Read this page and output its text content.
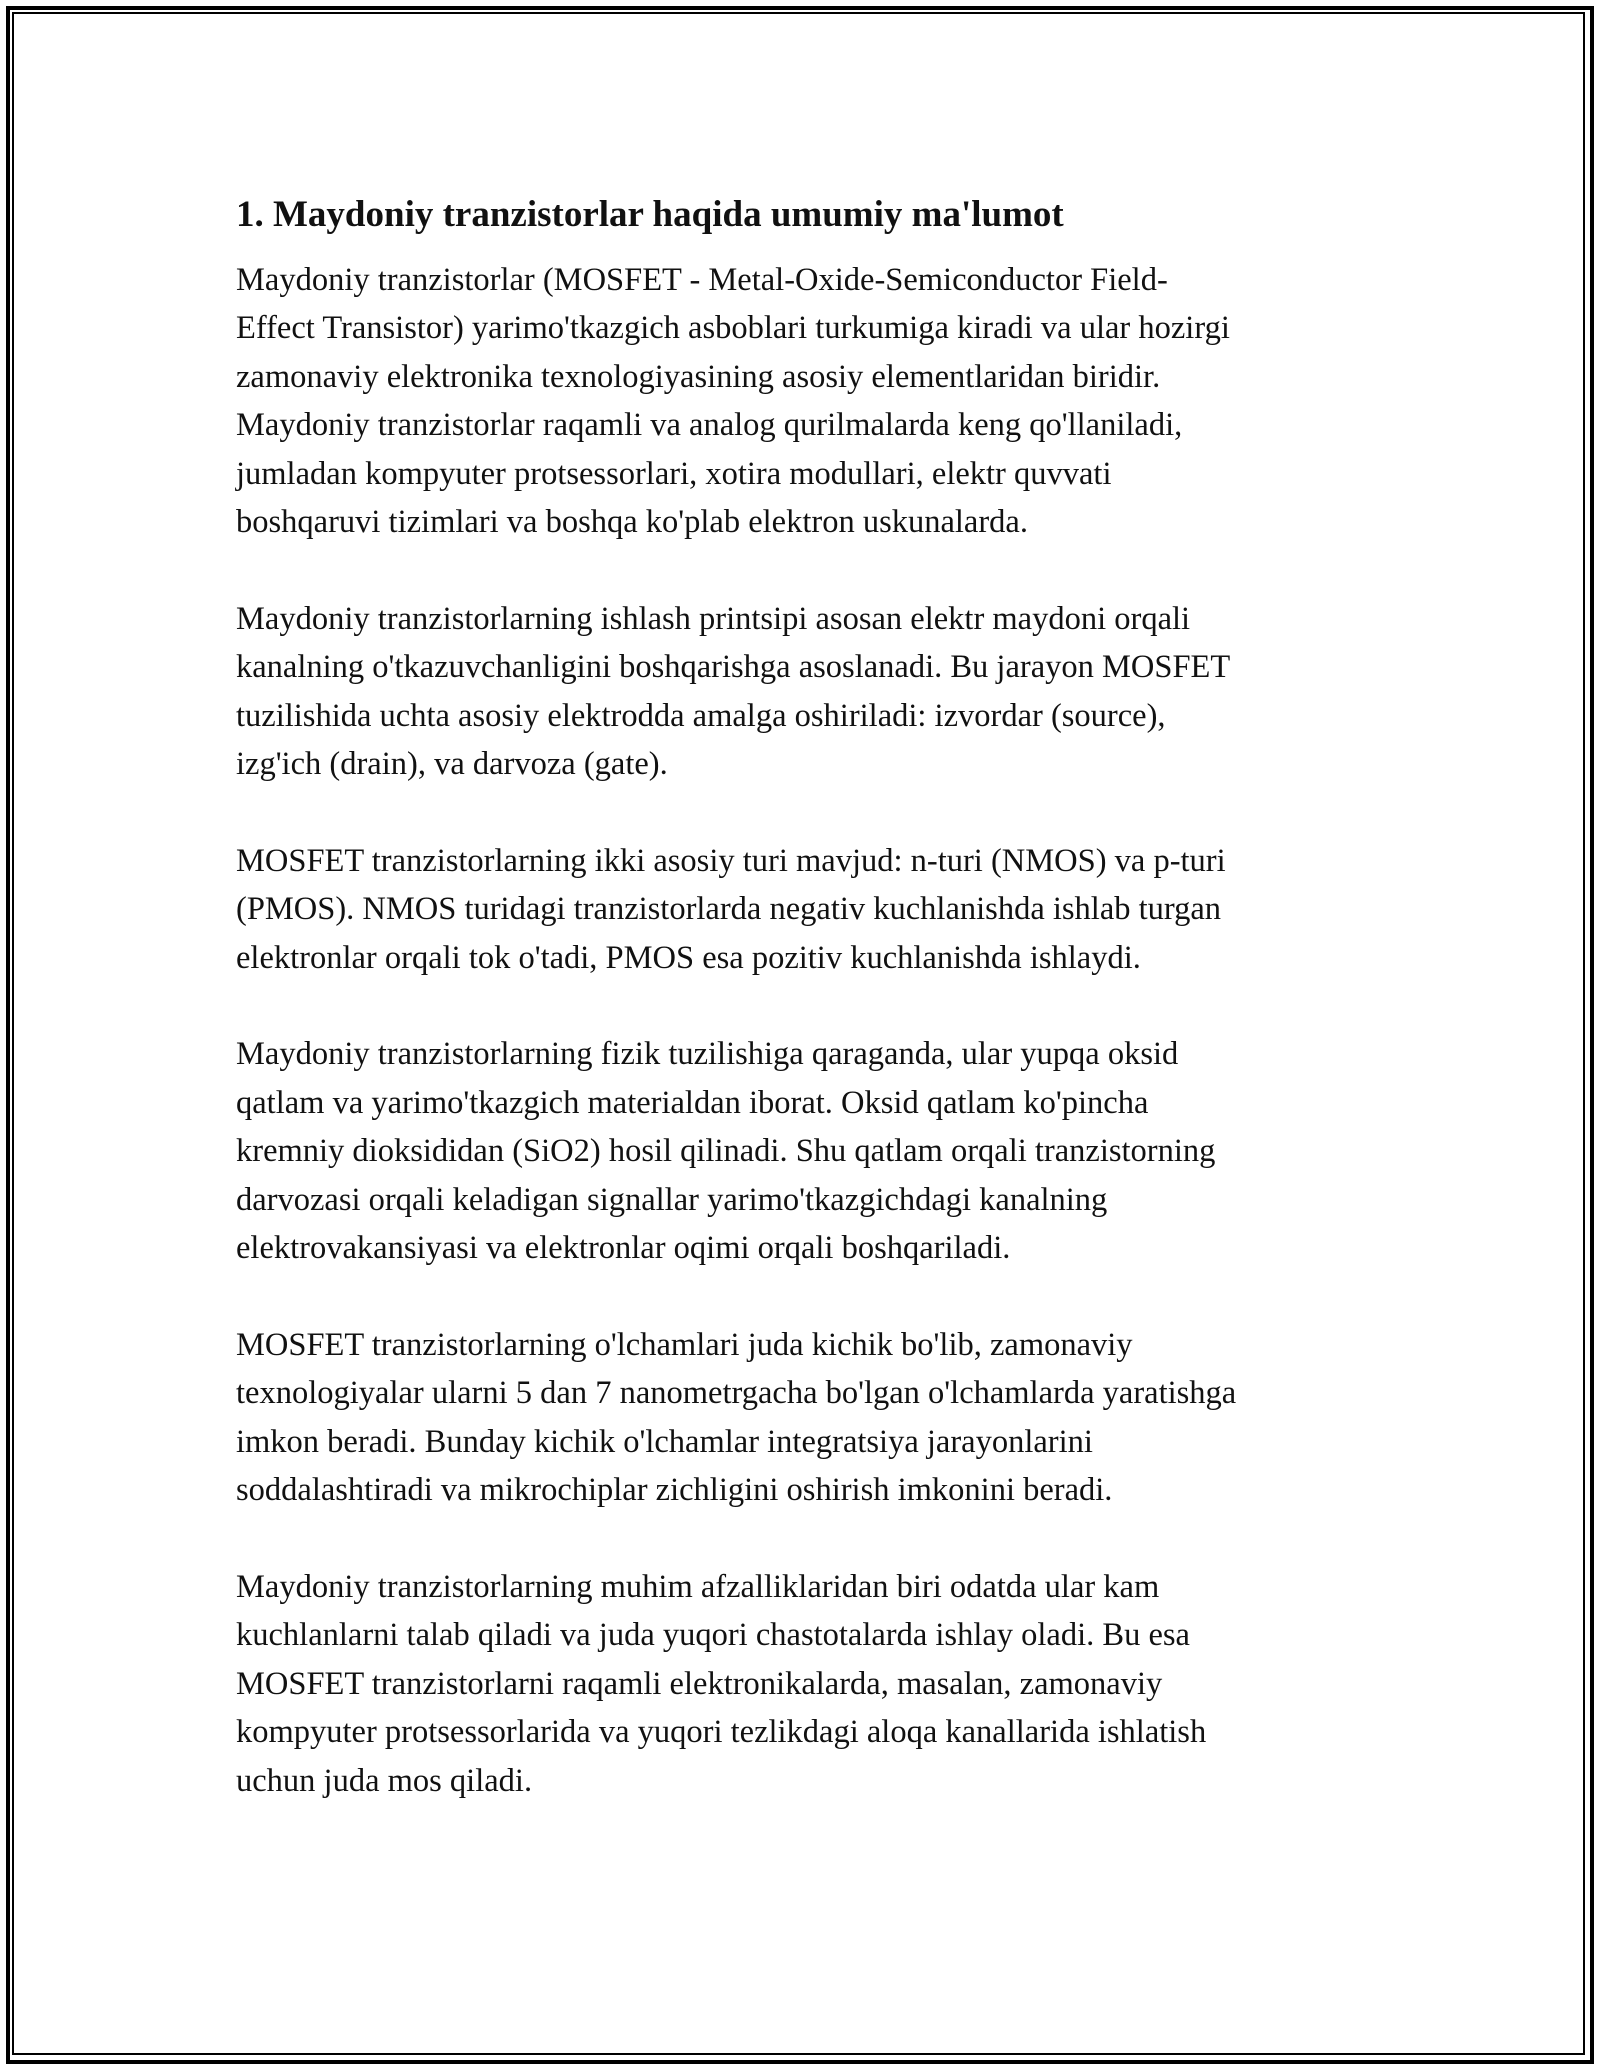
1. Maydoniy tranzistorlar haqida umumiy ma'lumot
Maydoniy tranzistorlar (MOSFET - Metal-Oxide-Semiconductor Field-
Effect Transistor) yarimo'tkazgich asboblari turkumiga kiradi va ular hozirgi
zamonaviy elektronika texnologiyasining asosiy elementlaridan biridir.
Maydoniy tranzistorlar raqamli va analog qurilmalarda keng qo'llaniladi,
jumladan kompyuter protsessorlari, xotira modullari, elektr quvvati
boshqaruvi tizimlari va boshqa ko'plab elektron uskunalarda.
Maydoniy tranzistorlarning ishlash printsipi asosan elektr maydoni orqali
kanalning o'tkazuvchanligini boshqarishga asoslanadi. Bu jarayon MOSFET
tuzilishida uchta asosiy elektrodda amalga oshiriladi: izvordar (source),
izg'ich (drain), va darvoza (gate).
MOSFET tranzistorlarning ikki asosiy turi mavjud: n-turi (NMOS) va p-turi
(PMOS). NMOS turidagi tranzistorlarda negativ kuchlanishda ishlab turgan
elektronlar orqali tok o'tadi, PMOS esa pozitiv kuchlanishda ishlaydi.
Maydoniy tranzistorlarning fizik tuzilishiga qaraganda, ular yupqa oksid
qatlam va yarimo'tkazgich materialdan iborat. Oksid qatlam ko'pincha
kremniy dioksididan (SiO2) hosil qilinadi. Shu qatlam orqali tranzistorning
darvozasi orqali keladigan signallar yarimo'tkazgichdagi kanalning
elektrovakansiyasi va elektronlar oqimi orqali boshqariladi.
MOSFET tranzistorlarning o'lchamlari juda kichik bo'lib, zamonaviy
texnologiyalar ularni 5 dan 7 nanometrgacha bo'lgan o'lchamlarda yaratishga
imkon beradi. Bunday kichik o'lchamlar integratsiya jarayonlarini
soddalashtiradi va mikrochiplar zichligini oshirish imkonini beradi.
Maydoniy tranzistorlarning muhim afzalliklaridan biri odatda ular kam
kuchlanlarni talab qiladi va juda yuqori chastotalarda ishlay oladi. Bu esa
MOSFET tranzistorlarni raqamli elektronikalarda, masalan, zamonaviy
kompyuter protsessorlarida va yuqori tezlikdagi aloqa kanallarida ishlatish
uchun juda mos qiladi.
